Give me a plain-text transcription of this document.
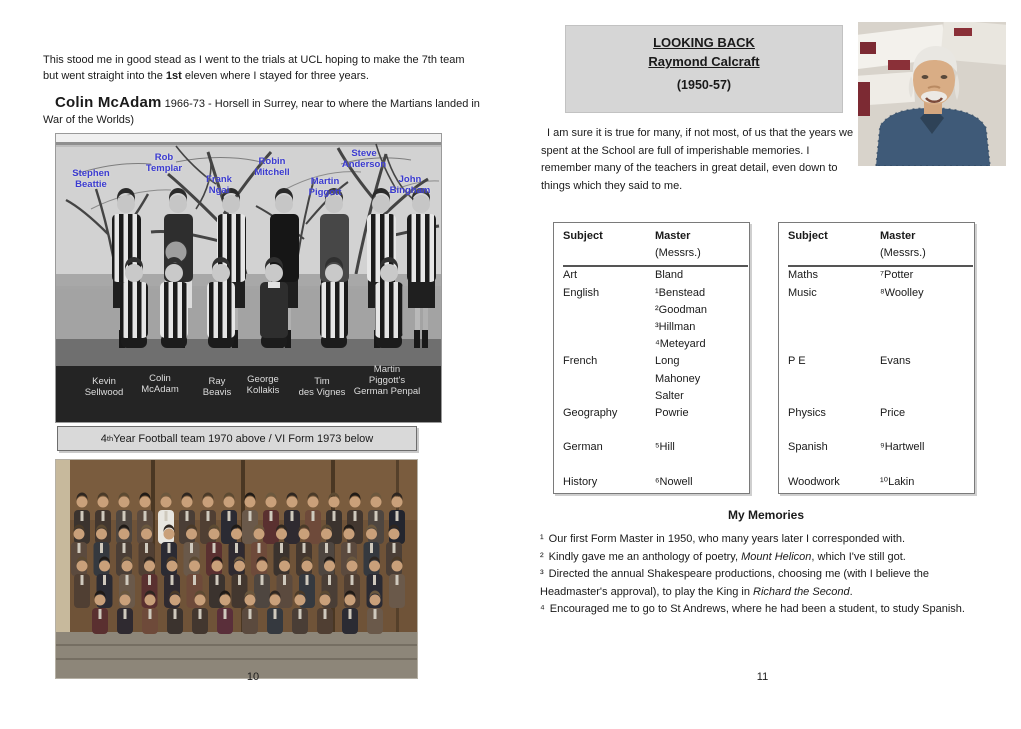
This stood me in good stead as I went to the trials at UCL hoping to make the 7th team but went straight into the 1st eleven where I stayed for three years.

Colin McAdam 1966-73 - Horsell in Surrey, near to where the Martians landed in War of the Worlds)

Stephen
Beattie
Rob
Templar
Frank
Ngai
Robin
Mitchell
Martin
Piggott
Steve
Anderson
John
Bingham
Kevin
Sellwood
Colin
McAdam
Ray
Beavis
George
Kollakis
Tim
des Vignes
Martin
Piggott's
German Penpal
4 th Year Football team 1970 above / VI Form 1973 below
10
LOOKING BACK
Raymond Calcraft
(1950-57)

I am sure it is true for many, if not most, of us that the years we spent at the School are full of imperishable memories. I remember many of the teachers in great detail, even down to things which they said to me.

Subject	Master
(Messrs.)
Art	Bland
English	¹Benstead
²Goodman
³Hillman
⁴Meteyard
French	Long
Mahoney
Salter
Geography	Powrie
German	⁵Hill
History	⁶Nowell
Subject	Master
(Messrs.)
Maths	⁷Potter
Music	⁸Woolley
P E	Evans
Physics	Price
Spanish	⁹Hartwell
Woodwork	¹⁰Lakin
My Memories
¹ Our first Form Master in 1950, who many years later I corresponded with.
² Kindly gave me an anthology of poetry, Mount Helicon, which I've still got.
³ Directed the annual Shakespeare productions, choosing me (with I believe the Headmaster's approval), to play the King in Richard the Second.
⁴ Encouraged me to go to St Andrews, where he had been a student, to study Spanish.
11
